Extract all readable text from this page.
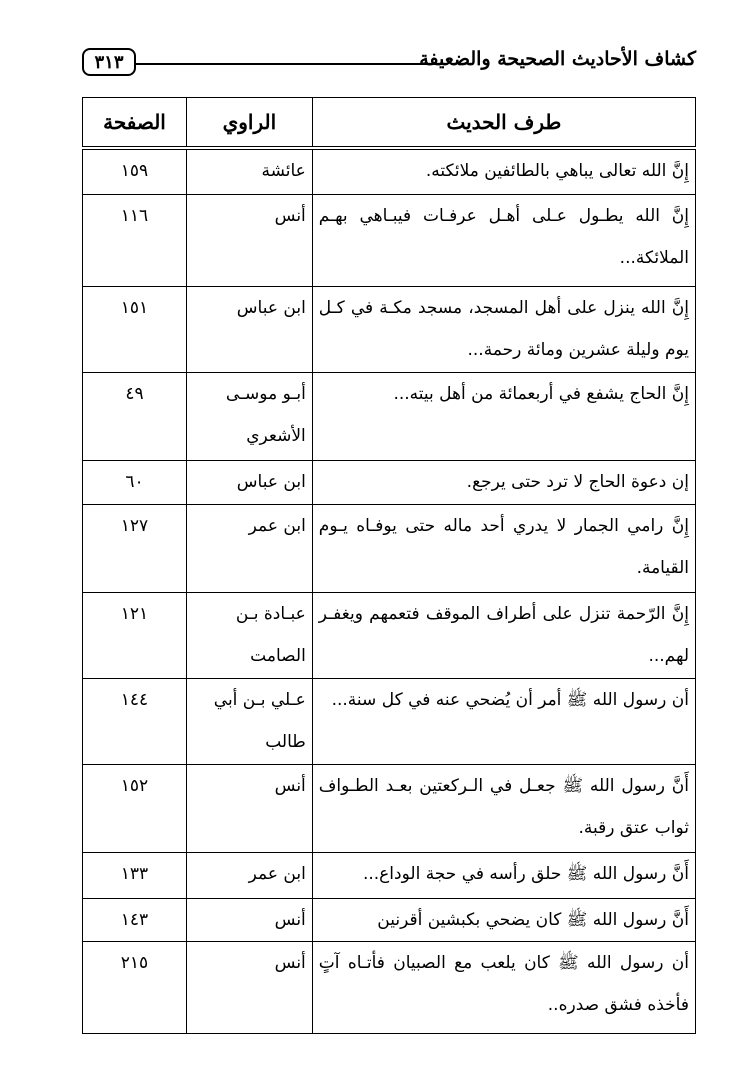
كشاف الأحاديث الصحيحة والضعيفة
٣١٣
طرف الحديث	الراوي	الصفحة
إِنَّ الله تعالى يباهي بالطائفين ملائكته.	عائشة	١٥٩
إِنَّ الله يطـول عـلى أهـل عرفـات فيبـاهي بهـم الملائكة...	أنس	١١٦
إِنَّ الله ينزل على أهل المسجد، مسجد مكـة في كـل يوم وليلة عشرين ومائة رحمة...	ابن عباس	١٥١
إِنَّ الحاج يشفع في أربعمائة من أهل بيته...	أبـو موسـى الأشعري	٤٩
إن دعوة الحاج لا ترد حتى يرجع.	ابن عباس	٦٠
إِنَّ رامي الجمار لا يدري أحد ماله حتى يوفـاه يـوم القيامة.	ابن عمر	١٢٧
إِنَّ الرّحمة تنزل على أطراف الموقف فتعمهم ويغفـر لهم...	عبـادة بـن الصامت	١٢١
أن رسول الله ﷺ أمر أن يُضحي عنه في كل سنة...	عـلي بـن أبي طالب	١٤٤
أَنَّ رسول الله ﷺ جعـل في الـركعتين بعـد الطـواف ثواب عتق رقبة.	أنس	١٥٢
أَنَّ رسول الله ﷺ حلق رأسه في حجة الوداع...	ابن عمر	١٣٣
أَنَّ رسول الله ﷺ كان يضحي بكبشين أقرنين	أنس	١٤٣
أن رسول الله ﷺ كان يلعب مع الصبيان فأتـاه آتٍ فأخذه فشق صدره..	أنس	٢١٥
